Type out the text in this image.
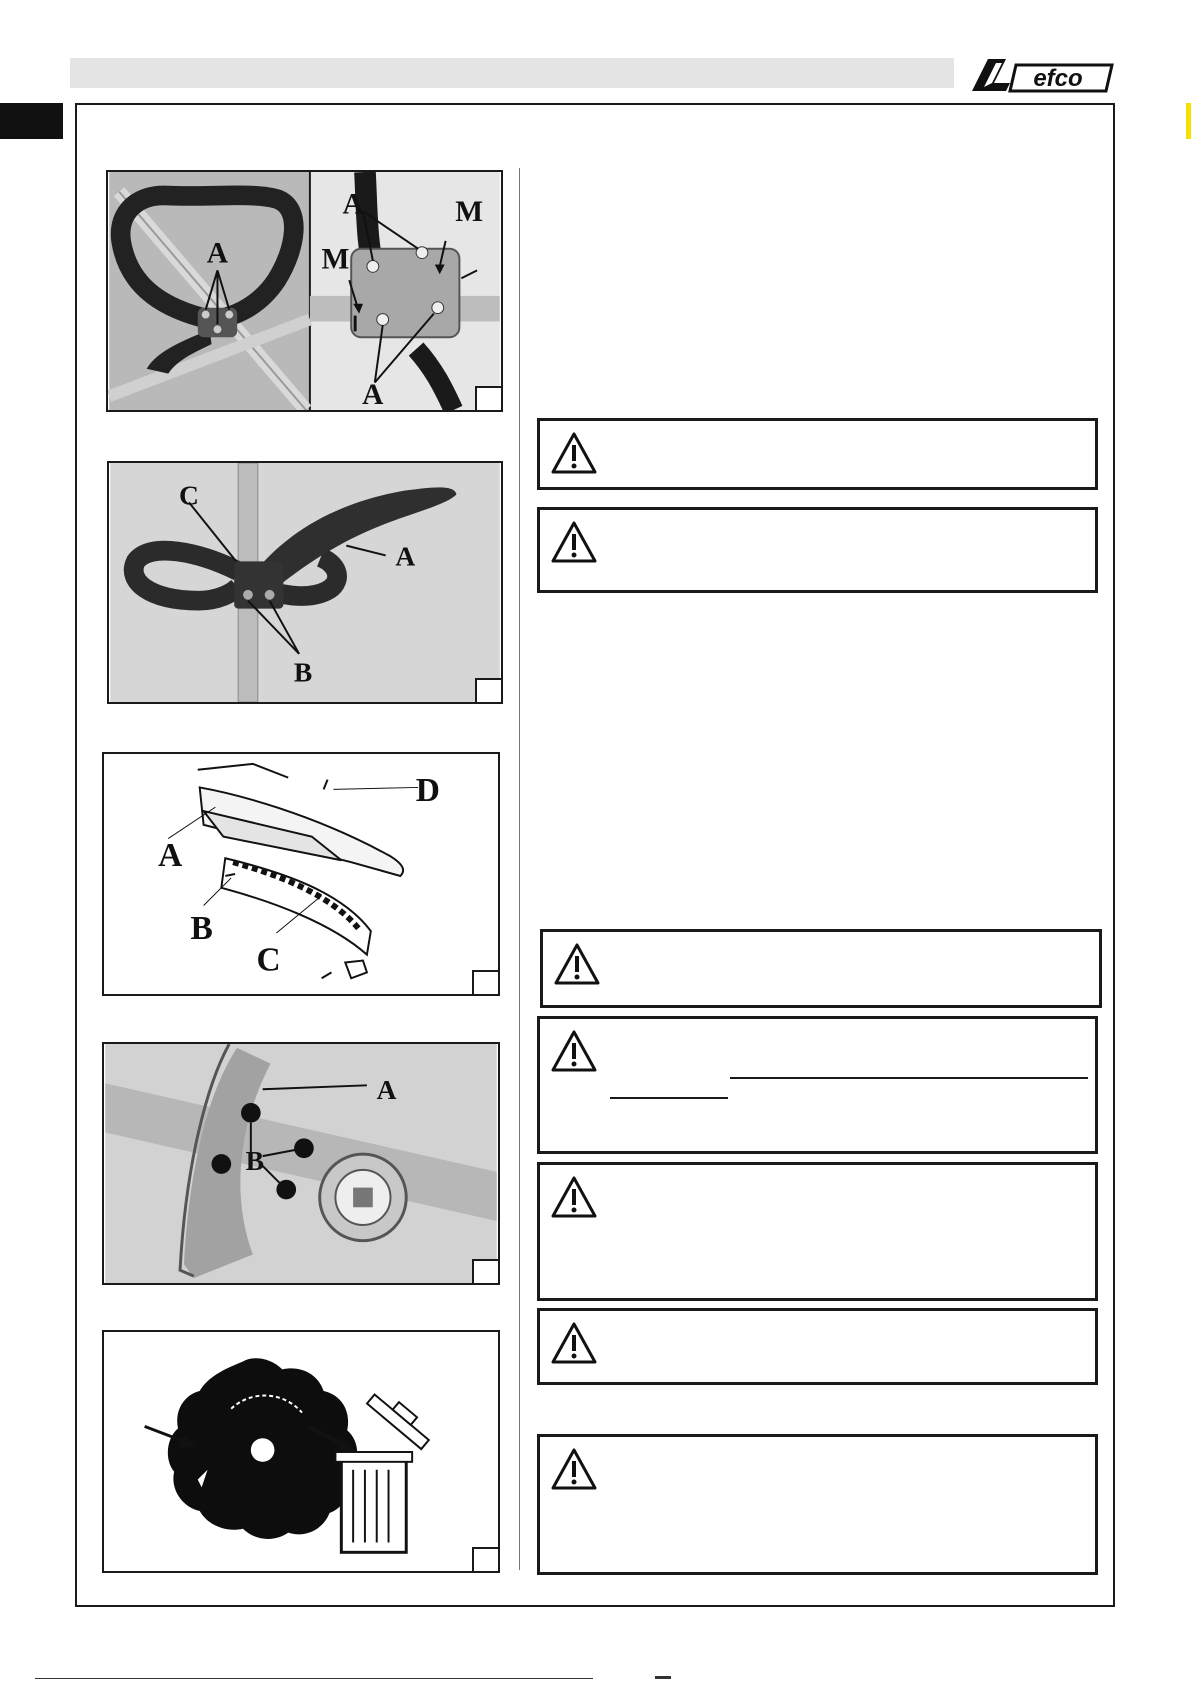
efco
A
A
A
M
M
C
A
B
D
A
B
C
A
B
